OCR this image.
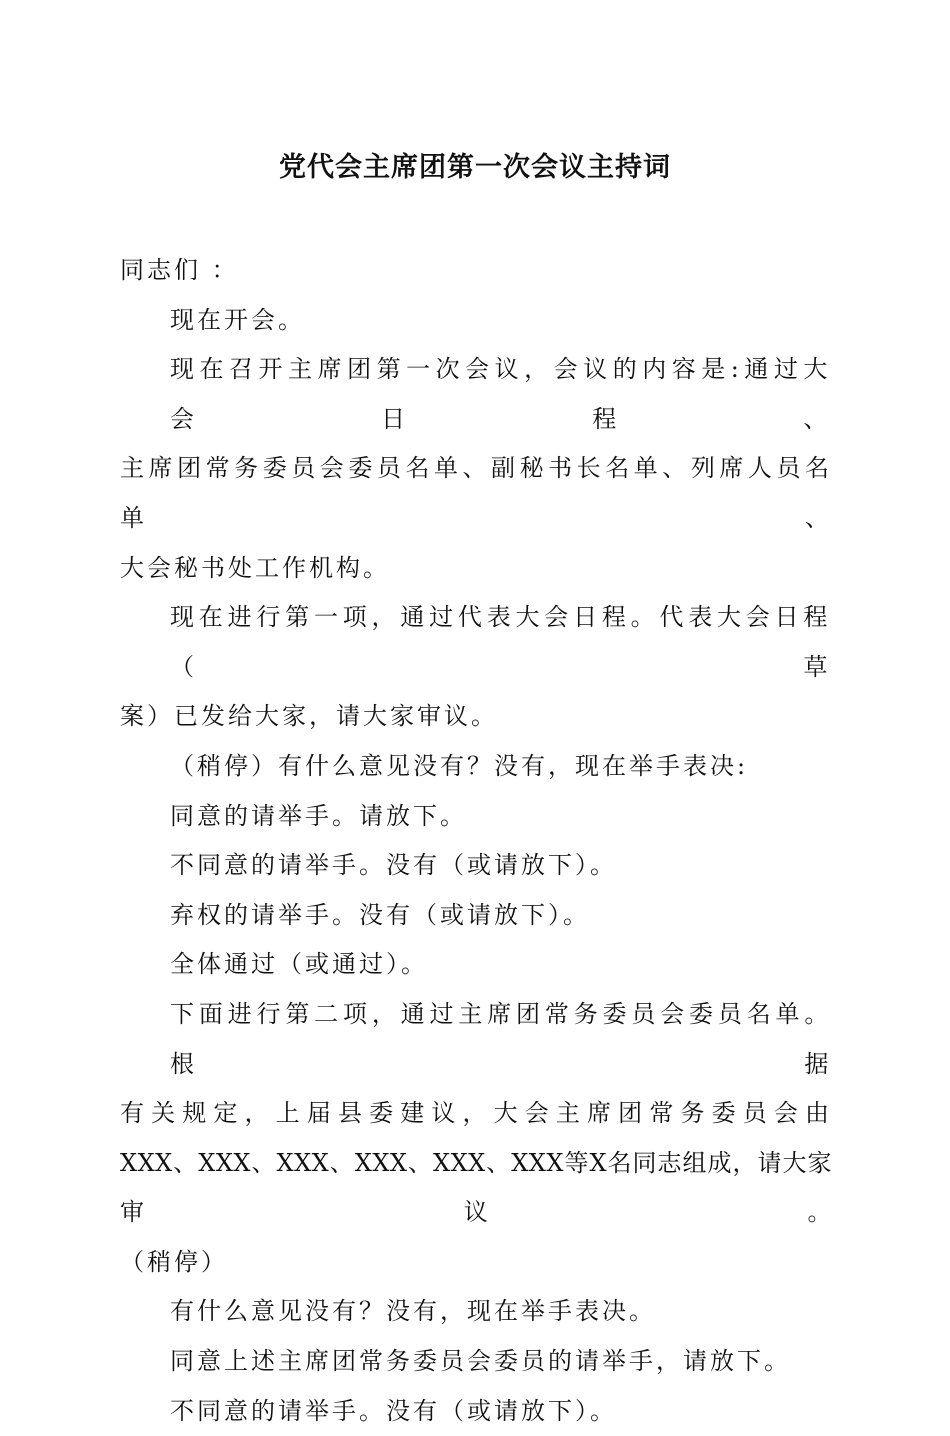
党代会主席团第一次会议主持词

同志们 ：

现在开会。

现在召开主席团第一次会议，会议的内容是:通过大会日程、

主席团常务委员会委员名单、副秘书长名单、列席人员名单、

大会秘书处工作机构。

现在进行第一项，通过代表大会日程。代表大会日程（草

案）已发给大家，请大家审议。

（稍停）有什么意见没有？没有，现在举手表决:

同意的请举手。请放下。

不同意的请举手。没有（或请放下）。

弃权的请举手。没有（或请放下）。

全体通过（或通过）。

下面进行第二项，通过主席团常务委员会委员名单。根据

有关规定，上届县委建议，大会主席团常务委员会由

XXX、XXX、XXX、XXX、XXX、XXX等X名同志组成，请大家审议。

（稍停）

有什么意见没有？没有，现在举手表决。

同意上述主席团常务委员会委员的请举手，请放下。

不同意的请举手。没有（或请放下）。
